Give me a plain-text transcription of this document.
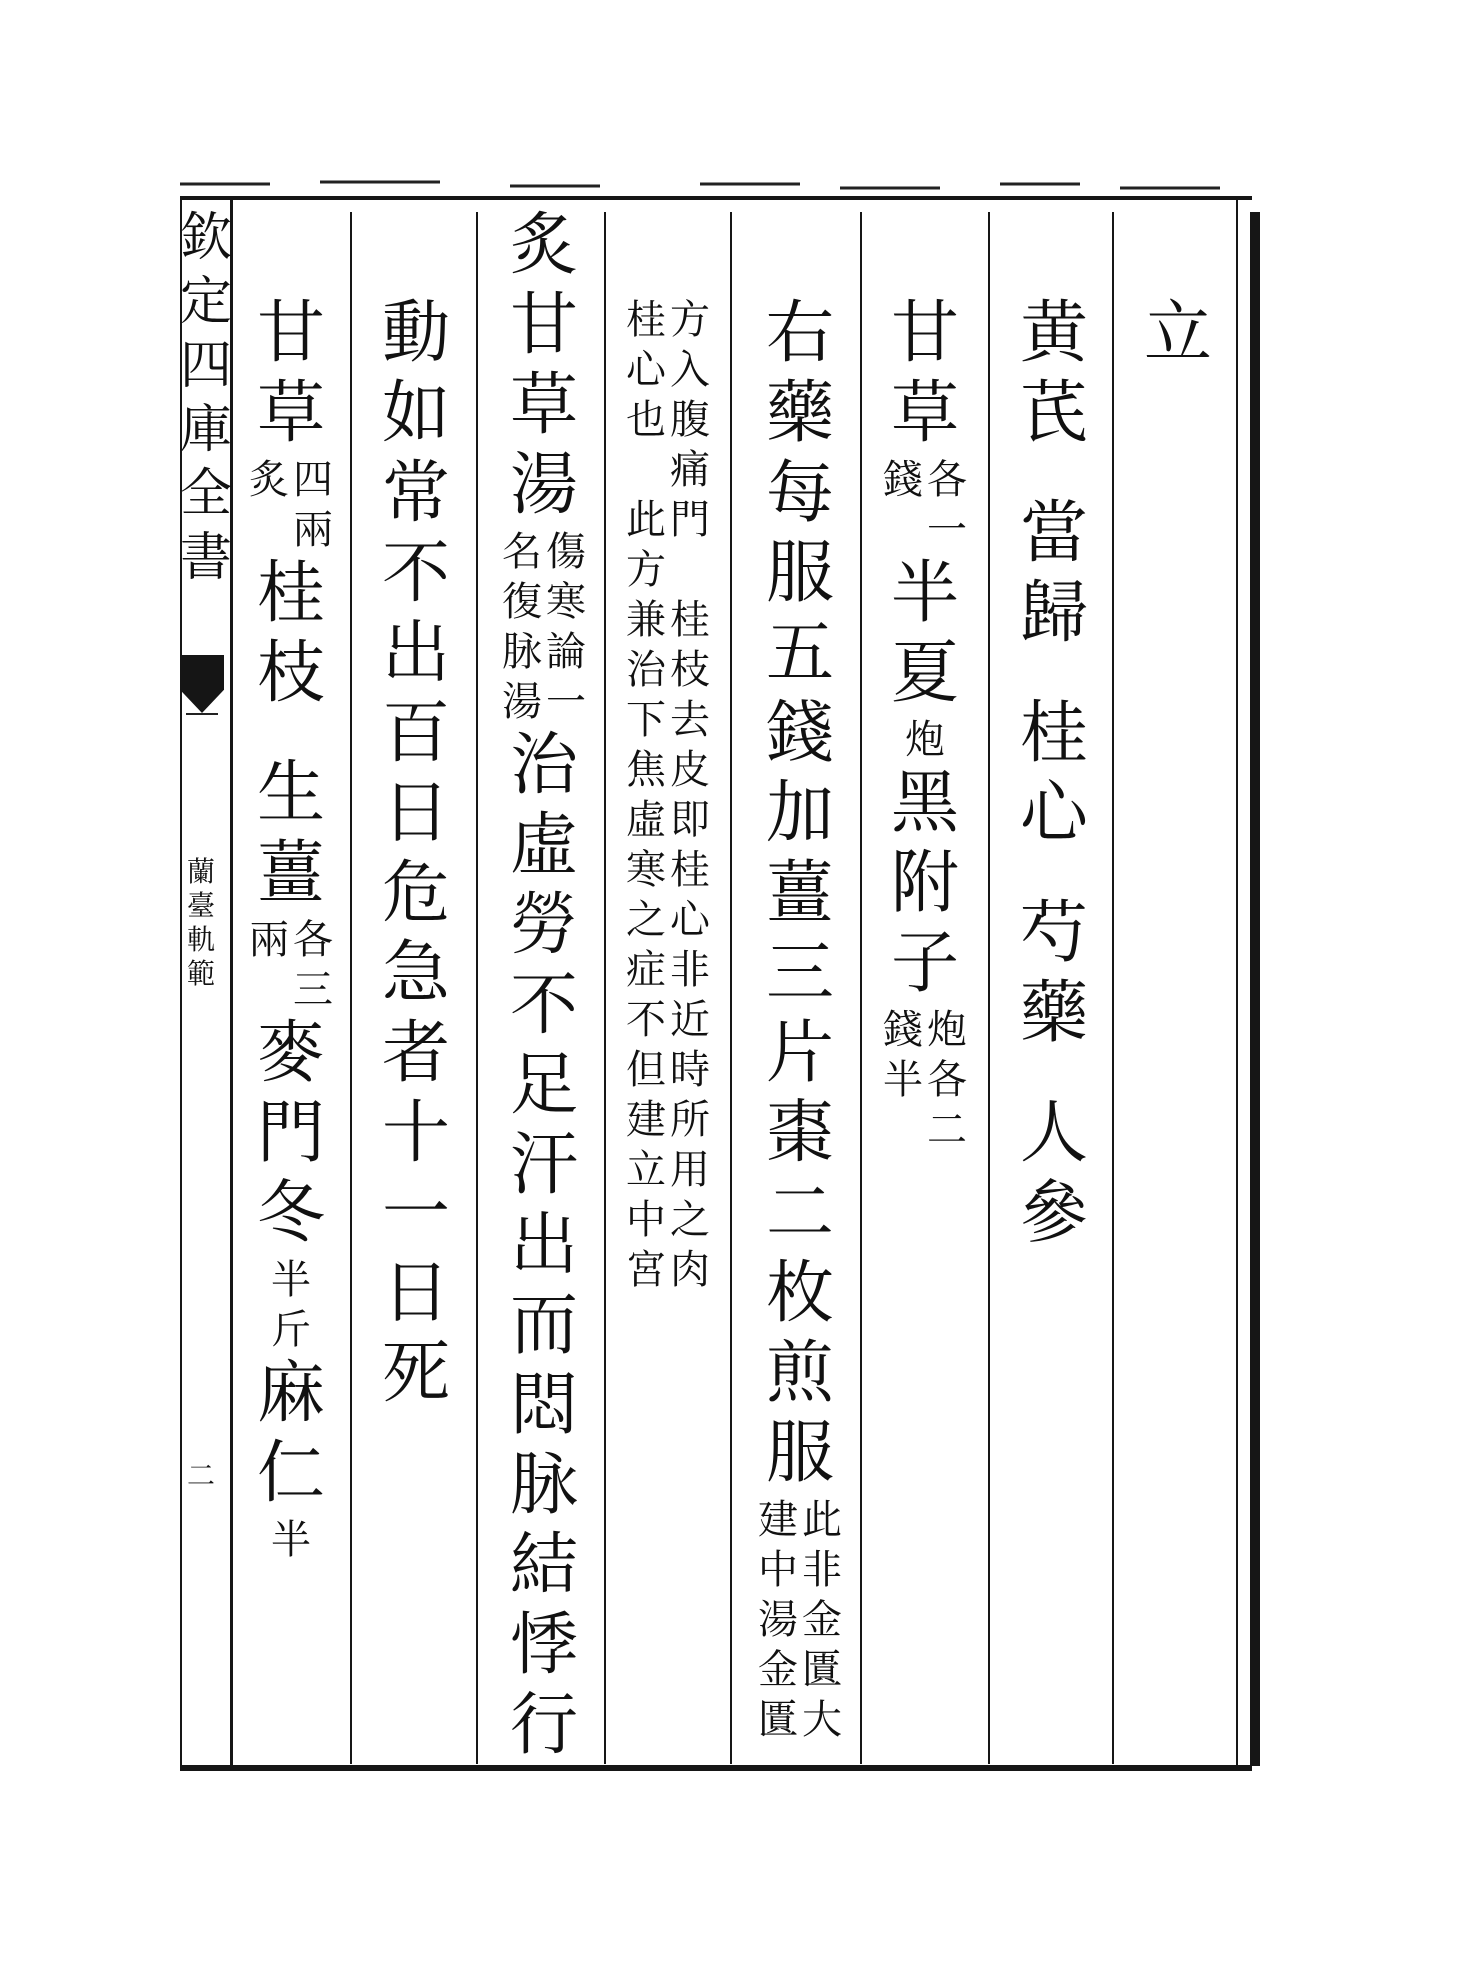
欽
定
四
庫
全
書
蘭
臺
軌
範
二
立
黄
芪
當
歸
桂
心
芍
藥
人
參
甘
草
錢 各
一
半
夏
炮
黑
附
子
錢
半
炮
各
二
右
藥
每
服
五
錢
加
薑
三
片
棗
二
枚
煎
服
建
中
湯
金
匱
此
非
金
匱
大
桂
心
也
此
方
兼
治
下
焦
虛
寒
之
症
不
但
建
立
中
宮
方
入
腹
痛
門
桂
枝
去
皮
即
桂
心
非
近
時
所
用
之
肉
炙
甘
草
湯
名
復
脉
湯
傷
寒
論
一
治
虛
勞
不
足
汗
出
而
悶
脉
結
悸
行
動
如
常
不
出
百
日
危
急
者
十
一
日
死
甘
草
炙 四
兩
桂
枝
生
薑
兩 各
三
麥
門
冬
半
斤
麻
仁
半
